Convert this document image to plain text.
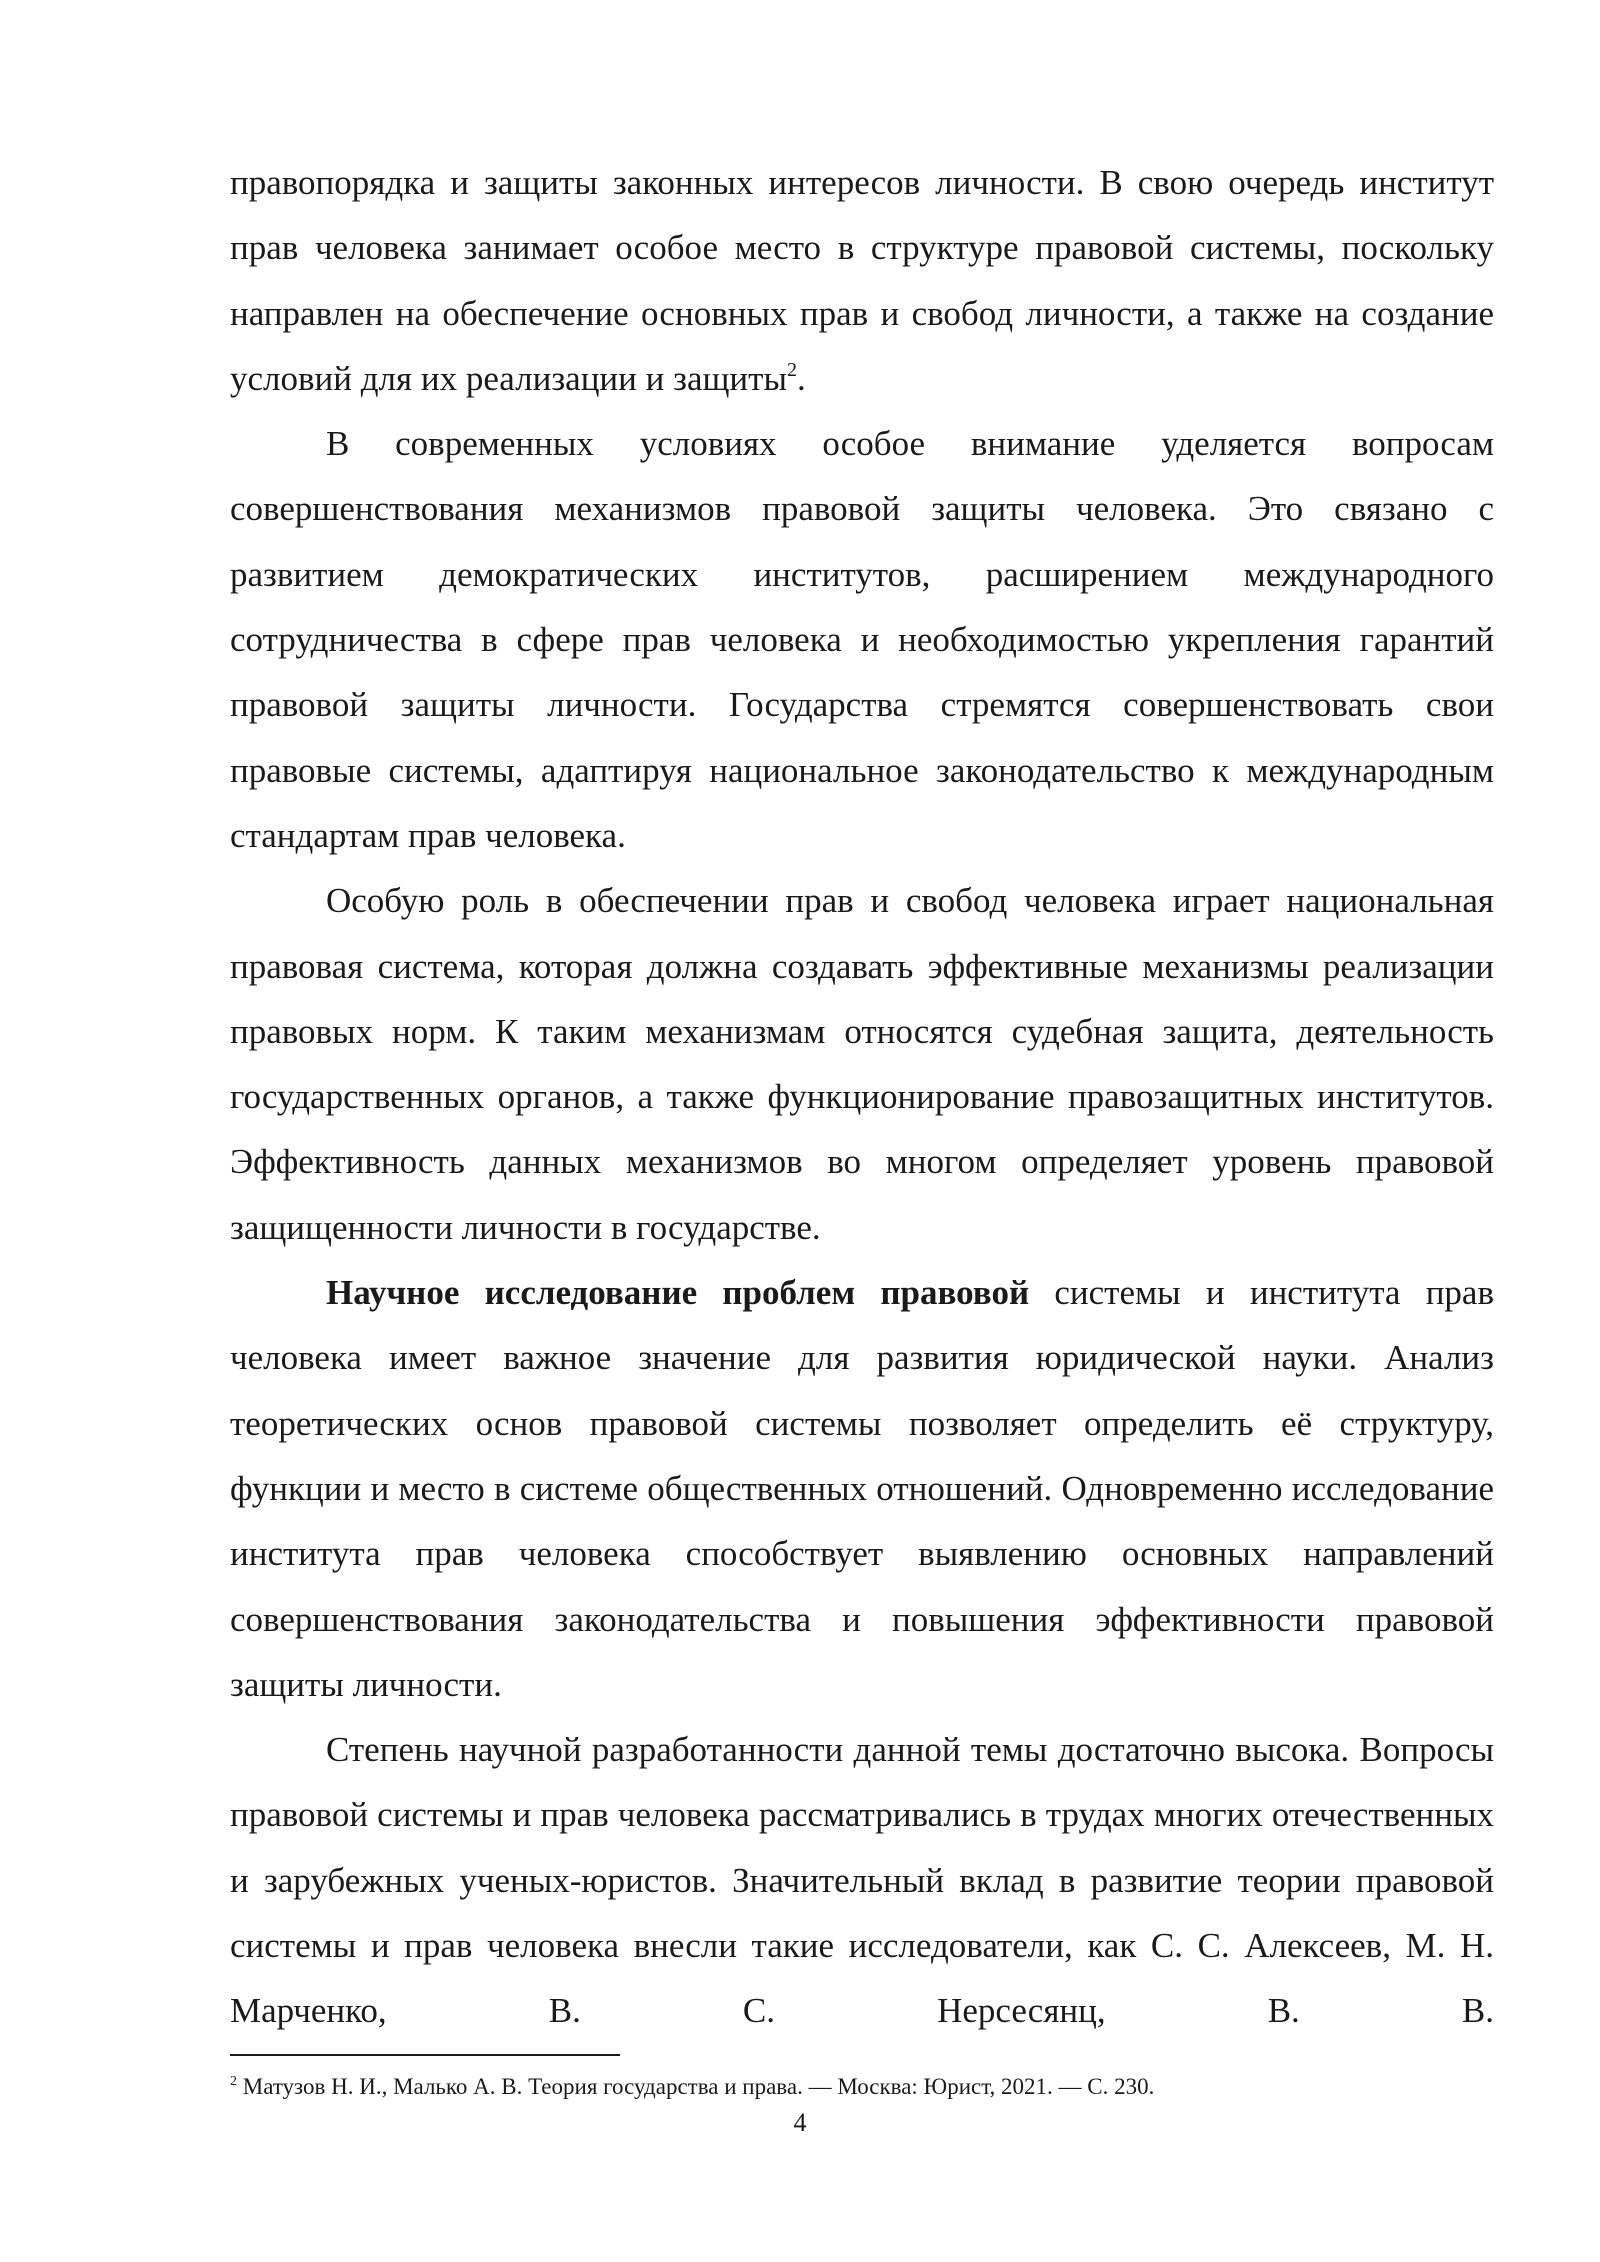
правопорядка и защиты законных интересов личности. В свою очередь институт прав человека занимает особое место в структуре правовой системы, поскольку направлен на обеспечение основных прав и свобод личности, а также на создание условий для их реализации и защиты$^2$.

В современных условиях особое внимание уделяется вопросам совершенствования механизмов правовой защиты человека. Это связано с развитием демократических институтов, расширением международного сотрудничества в сфере прав человека и необходимостью укрепления гарантий правовой защиты личности. Государства стремятся совершенствовать свои правовые системы, адаптируя национальное законодательство к международным стандартам прав человека.

Особую роль в обеспечении прав и свобод человека играет национальная правовая система, которая должна создавать эффективные механизмы реализации правовых норм. К таким механизмам относятся судебная защита, деятельность государственных органов, а также функционирование правозащитных институтов. Эффективность данных механизмов во многом определяет уровень правовой защищенности личности в государстве.

Научное исследование проблем правовой системы и института прав человека имеет важное значение для развития юридической науки. Анализ теоретических основ правовой системы позволяет определить её структуру, функции и место в системе общественных отношений. Одновременно исследование института прав человека способствует выявлению основных направлений совершенствования законодательства и повышения эффективности правовой защиты личности.

Степень научной разработанности данной темы достаточно высока. Вопросы правовой системы и прав человека рассматривались в трудах многих отечественных и зарубежных ученых-юристов. Значительный вклад в развитие теории правовой системы и прав человека внесли такие исследователи, как С. С. Алексеев, М. Н. Марченко, В. С. Нерсесянц, В. В.

$^2$ Матузов Н. И., Малько А. В. Теория государства и права. — Москва: Юрист, 2021. — С. 230.
4
